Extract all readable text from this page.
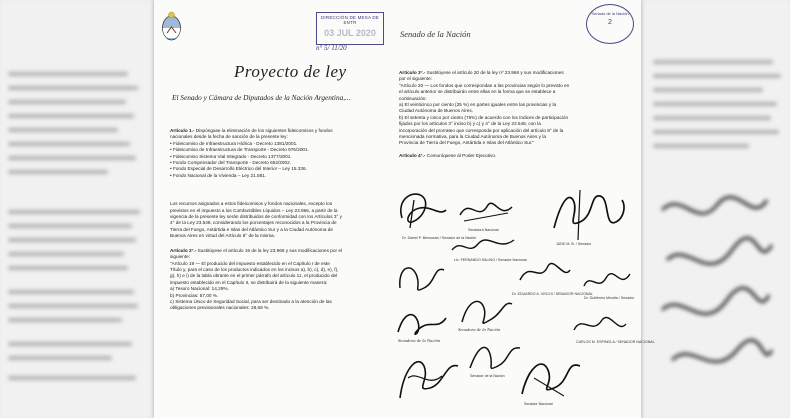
DIRECCIÓN DE MESA DE ENTR
03 JUL 2020
n° 5/ 11/20
Senado de la Nación
Senado de la Nación
2
Proyecto de ley
El Senado y Cámara de Diputados de la Nación Argentina,...

Artículo 1.- Dispóngase la eliminación de los siguientes fideicomisos y fondos

nacionales desde la fecha de sanción de la presente ley:

• Fideicomiso de Infraestructura Hídrica - Decreto 1381/2001.

• Fideicomiso de Infraestructura de Transporte - Decreto 976/2001.

• Fideicomiso Sistema Vial Integrado - Decreto 1377/2001.

• Fondo Compensador del Transporte - Decreto 652/2002.

• Fondo Especial de Desarrollo Eléctrico del Interior – Ley 15.336.

• Fondo Nacional de la Vivienda – Ley 21.581.

Los recursos asignados a estos fideicomisos y fondos nacionales, excepto los

previstos en el impuesto a los Combustibles Líquidos – Ley 23.966, a partir de la

vigencia de la presente ley serán distribuidos de conformidad con los Artículos 3° y

4° de la Ley 23.548, considerando los porcentajes reconocidos a la Provincia de

Tierra del Fuego, Antártida e Islas del Atlántico Sur y a la Ciudad Autónoma de

Buenos Aires en virtud del Artículo 8° de la misma.

Artículo 2°.- Sustitúyese el artículo 19 de la ley 23.966 y sus modificaciones por el

siguiente:

"Artículo 19 — El producido del impuesto establecido en el Capítulo I de este

Título y, para el caso de los productos indicados en los incisos a), b), c), d), e), f),

g), h) e i) de la tabla obrante en el primer párrafo del artículo 11, el producido del

impuesto establecido en el Capítulo II, se distribuirá de la siguiente manera:

a) Tesoro Nacional: 14,29%.

b) Provincias: 57,00 %.

c) Sistema Único de Seguridad Social, para ser destinado a la atención de las

obligaciones previsionales nacionales: 28,68 %.

Artículo 3°.- Sustitúyese el artículo 20 de la ley nº 23.966 y sus modificaciones

por el siguiente:

"Artículo 20 — Los fondos que correspondan a las provincias según lo previsto en

el artículo anterior se distribuirán entre ellas en la forma que se establece a

continuación:

a) El veinticinco por ciento (25 %) en partes iguales entre las provincias y la

Ciudad Autónoma de Buenos Aires.

b) El setenta y cinco por ciento (75%) de acuerdo con los índices de participación

fijados por los artículos 3° inciso b) y c) y 4° de la Ley 23.548, con la

incorporación del prorrateo que corresponda por aplicación del artículo 8° de la

mencionada normativa, para la Ciudad Autónoma de Buenos Aires y la

Provincia de Tierra del Fuego, Antártida e Islas del Atlántico Sur."

Artículo 4°.- Comuníquese al Poder Ejecutivo.

Dr. Daniel P. Bensusán / Senador de la Nación
Senadora Nacional
JUDE M. B. / Senador
Lic. FERNANDO SALINO / Senador Nacional
Dr. EDUARDO A. VISCHI / SENADOR NACIONAL
Dr. Guillermo Mendia / Senador
Senadora de la Nación
Senadora de la Nación
CARLOS M. ESPINOLA / SENADOR NACIONAL
Senador de la Nación
Senador Nacional
